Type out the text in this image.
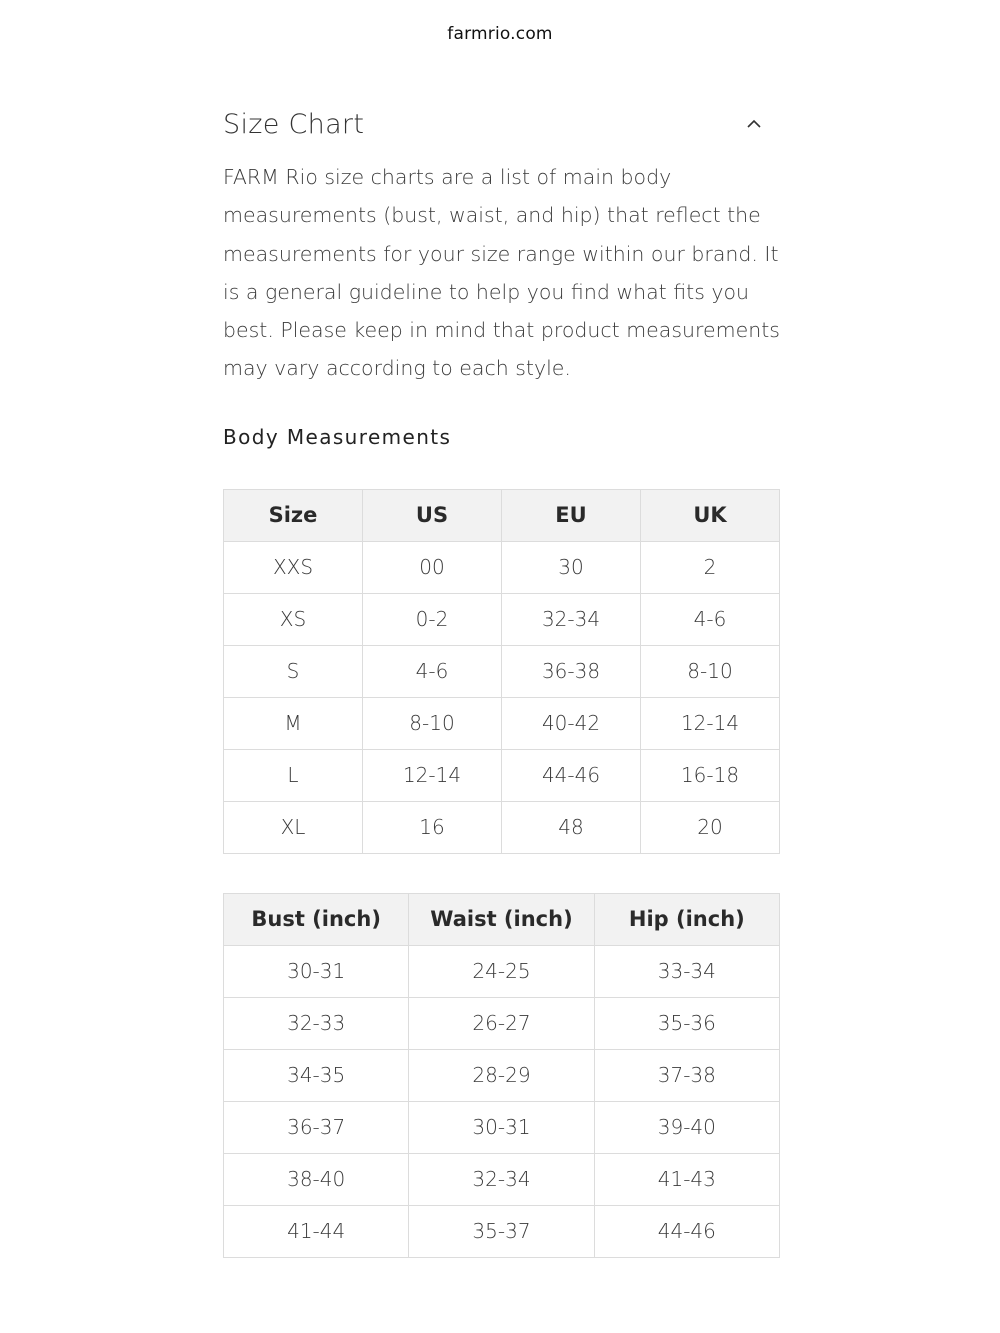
farmrio.com
Size Chart
FARM Rio size charts are a list of main body measurements (bust, waist, and hip) that reflect the measurements for your size range within our brand. It is a general guideline to help you find what fits you best. Please keep in mind that product measurements may vary according to each style.
Body Measurements
Size	US	EU	UK
XXS	00	30	2
XS	0-2	32-34	4-6
S	4-6	36-38	8-10
M	8-10	40-42	12-14
L	12-14	44-46	16-18
XL	16	48	20
Bust (inch)	Waist (inch)	Hip (inch)
30-31	24-25	33-34
32-33	26-27	35-36
34-35	28-29	37-38
36-37	30-31	39-40
38-40	32-34	41-43
41-44	35-37	44-46
